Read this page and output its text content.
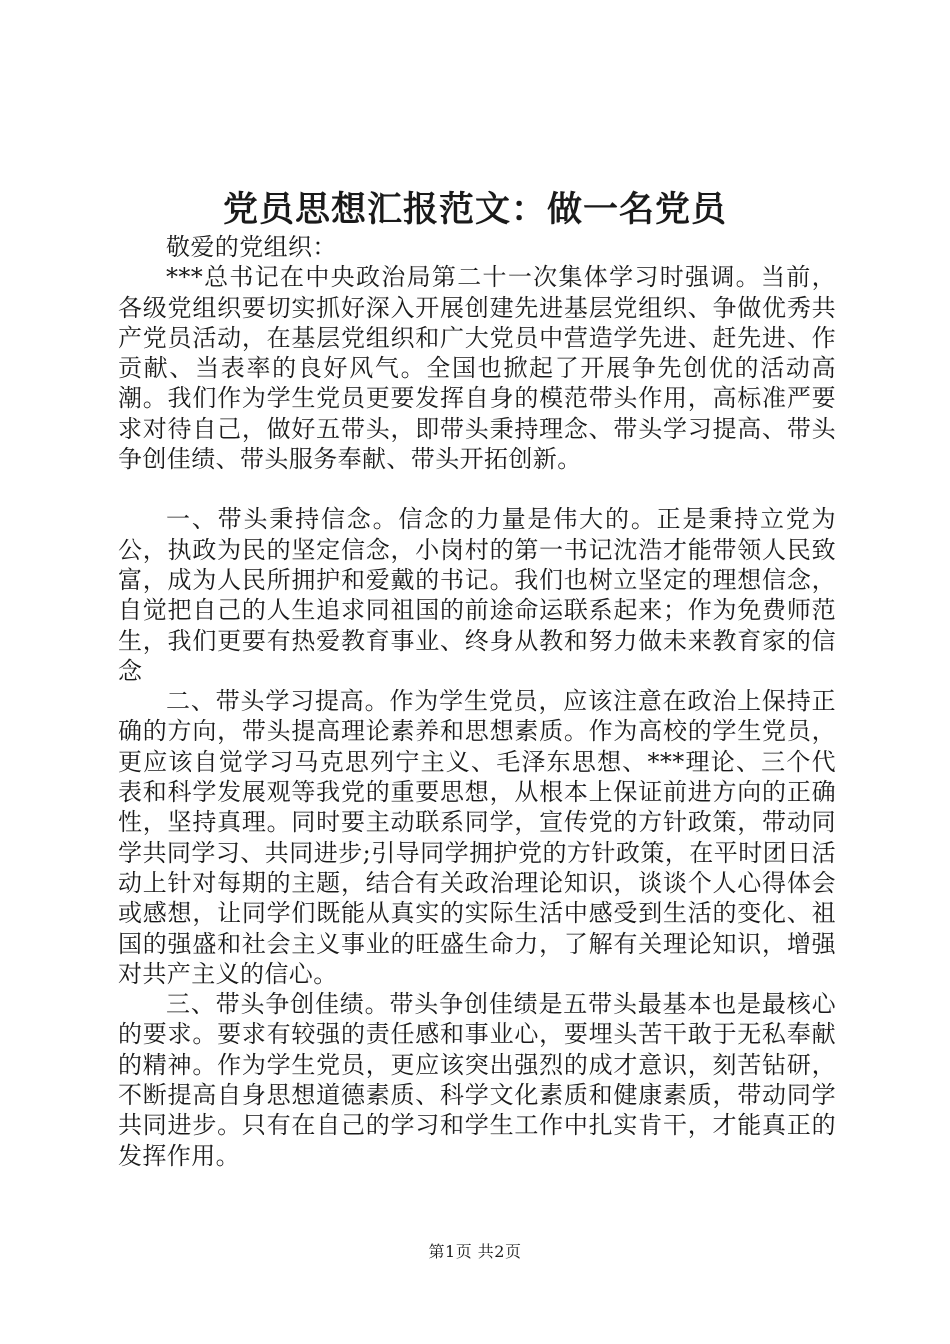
党员思想汇报范文：做一名党员

敬爱的党组织：

***总书记在中央政治局第二十一次集体学习时强调。当前，各级党组织要切实抓好深入开展创建先进基层党组织、争做优秀共产党员活动，在基层党组织和广大党员中营造学先进、赶先进、作贡献、当表率的良好风气。全国也掀起了开展争先创优的活动高潮。我们作为学生党员更要发挥自身的模范带头作用，高标准严要求对待自己，做好五带头，即带头秉持理念、带头学习提高、带头争创佳绩、带头服务奉献、带头开拓创新。

一、带头秉持信念。信念的力量是伟大的。正是秉持立党为公，执政为民的坚定信念，小岗村的第一书记沈浩才能带领人民致富，成为人民所拥护和爱戴的书记。我们也树立坚定的理想信念，自觉把自己的人生追求同祖国的前途命运联系起来；作为免费师范生，我们更要有热爱教育事业、终身从教和努力做未来教育家的信念

二、带头学习提高。作为学生党员，应该注意在政治上保持正确的方向，带头提高理论素养和思想素质。作为高校的学生党员，更应该自觉学习马克思列宁主义、毛泽东思想、***理论、三个代表和科学发展观等我党的重要思想，从根本上保证前进方向的正确性，坚持真理。同时要主动联系同学，宣传党的方针政策，带动同学共同学习、共同进步;引导同学拥护党的方针政策，在平时团日活动上针对每期的主题，结合有关政治理论知识，谈谈个人心得体会或感想，让同学们既能从真实的实际生活中感受到生活的变化、祖国的强盛和社会主义事业的旺盛生命力，了解有关理论知识，增强对共产主义的信心。

三、带头争创佳绩。带头争创佳绩是五带头最基本也是最核心的要求。要求有较强的责任感和事业心，要埋头苦干敢于无私奉献的精神。作为学生党员，更应该突出强烈的成才意识，刻苦钻研，不断提高自身思想道德素质、科学文化素质和健康素质，带动同学共同进步。只有在自己的学习和学生工作中扎实肯干，才能真正的发挥作用。

第1页 共2页
